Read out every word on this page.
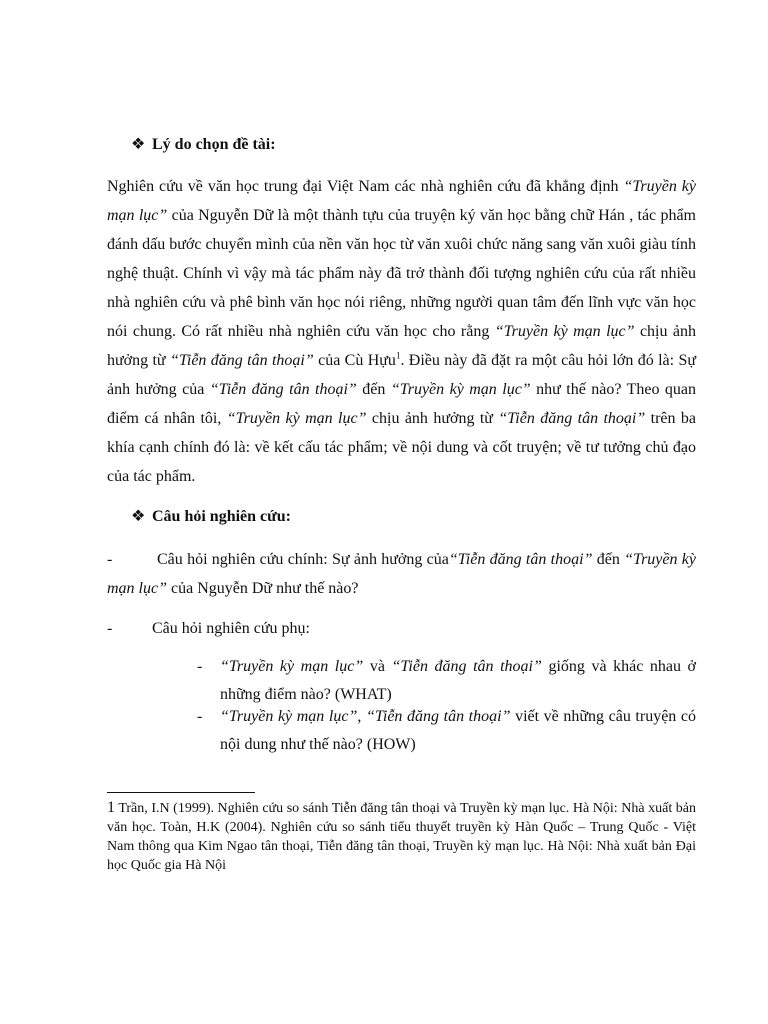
❖ Lý do chọn đề tài:
Nghiên cứu về văn học trung đại Việt Nam các nhà nghiên cứu đã khẳng định “Truyền kỳ mạn lục” của Nguyễn Dữ là một thành tựu của truyện ký văn học bằng chữ Hán , tác phẩm đánh dấu bước chuyển mình của nền văn học từ văn xuôi chức năng sang văn xuôi giàu tính nghệ thuật. Chính vì vậy mà tác phẩm này đã trở thành đối tượng nghiên cứu của rất nhiều nhà nghiên cứu và phê bình văn học nói riêng, những người quan tâm đến lĩnh vực văn học nói chung. Có rất nhiều nhà nghiên cứu văn học cho rằng “Truyền kỳ mạn lục” chịu ảnh hưởng từ “Tiễn đăng tân thoại” của Cù Hựu$^1$. Điều này đã đặt ra một câu hỏi lớn đó là: Sự ảnh hưởng của “Tiễn đăng tân thoại” đến “Truyền kỳ mạn lục” như thế nào? Theo quan điểm cá nhân tôi, “Truyền kỳ mạn lục” chịu ảnh hưởng từ “Tiễn đăng tân thoại” trên ba khía cạnh chính đó là: về kết cấu tác phẩm; về nội dung và cốt truyện; về tư tưởng chủ đạo của tác phẩm.
❖ Câu hỏi nghiên cứu:
-	Câu hỏi nghiên cứu chính: Sự ảnh hưởng của“Tiễn đăng tân thoại” đến “Truyền kỳ mạn lục” của Nguyễn Dữ như thế nào?
- Câu hỏi nghiên cứu phụ:
- “Truyền kỳ mạn lục” và “Tiễn đăng tân thoại” giống và khác nhau ở những điểm nào? (WHAT)
- “Truyền kỳ mạn lục”, “Tiễn đăng tân thoại” viết về những câu truyện có nội dung như thế nào? (HOW)
1 Trần, I.N (1999). Nghiên cứu so sánh Tiễn đăng tân thoại và Truyền kỳ mạn lục. Hà Nội: Nhà xuất bản văn học. Toàn, H.K (2004). Nghiên cứu so sánh tiểu thuyết truyền kỳ Hàn Quốc – Trung Quốc - Việt Nam thông qua Kim Ngao tân thoại, Tiễn đăng tân thoại, Truyền kỳ mạn lục. Hà Nội: Nhà xuất bản Đại học Quốc gia Hà Nội
